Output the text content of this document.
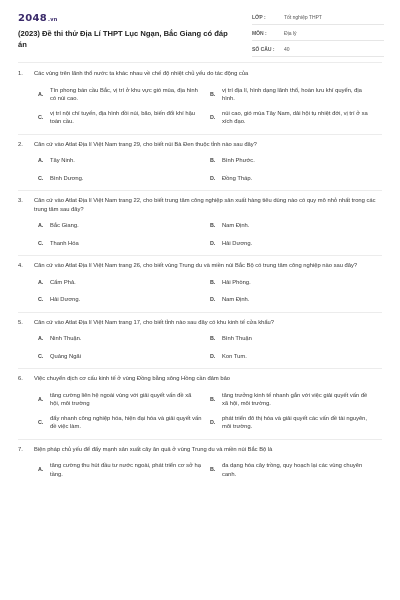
2048.vn
(2023) Đề thi thử Địa Lí THPT Lục Ngạn, Bắc Giang có đáp án
LỚP :	Tốt nghiệp THPT
MÔN :	Địa lý
SỐ CÂU :	40
1.	Các vùng trên lãnh thổ nước ta khác nhau về chế độ nhiệt chủ yếu do tác động của
A.
Tín phong bán cầu Bắc, vị trí ở khu vực gió mùa, địa hình có núi cao.
B.
vị trí địa lí, hình dạng lãnh thổ, hoàn lưu khí quyển, địa hình.
C.
vị trí nội chí tuyến, địa hình đồi núi, bão, biến đổi khí hậu toàn cầu.
D.
núi cao, gió mùa Tây Nam, dải hội tụ nhiệt đới, vị trí ở xa xích đạo.
2.	Căn cứ vào Atlat Địa lí Việt Nam trang 29, cho biết núi Bà Đen thuộc tỉnh nào sau đây?
A.	Tây Ninh.	B.	Bình Phước.
C.	Bình Dương.	D.	Đồng Tháp.
3.	Căn cứ vào Atlat Địa lí Việt Nam trang 22, cho biết trung tâm công nghiệp sản xuất hàng tiêu dùng nào có quy mô nhỏ nhất trong các trung tâm sau đây?
A.	Bắc Giang.	B.	Nam Định.
C.	Thanh Hóa	D.	Hải Dương.
4.	Căn cứ vào Atlat Địa lí Việt Nam trang 26, cho biết vùng Trung du và miền núi Bắc Bộ có trung tâm công nghiệp nào sau đây?
A.	Cẩm Phả.	B.	Hải Phòng.
C.	Hải Dương.	D.	Nam Định.
5.	Căn cứ vào Atlat Địa lí Việt Nam trang 17, cho biết tỉnh nào sau đây có khu kinh tế cửa khẩu?
A.	Ninh Thuận.	B.	Bình Thuận
C.	Quảng Ngãi	D.	Kon Tum.
6.	Việc chuyển dịch cơ cấu kinh tế ở vùng Đồng bằng sông Hồng cần đảm bảo
A.
tăng cường liên hệ ngoài vùng với giải quyết vấn đề xã hội, môi trường
B.
tăng trưởng kinh tế nhanh gắn với việc giải quyết vấn đề xã hội, môi trường.
C.
đẩy nhanh công nghiệp hóa, hiện đại hóa và giải quyết vấn đề việc làm.
D.
phát triển đô thị hóa và giải quyết các vấn đề tài nguyên, môi trường.
7.	Biện pháp chủ yếu để đẩy mạnh sản xuất cây ăn quả ở vùng Trung du và miền núi Bắc Bộ là
A.
tăng cường thu hút đầu tư nước ngoài, phát triển cơ sở hạ tầng.
B.
đa dạng hóa cây trồng, quy hoạch lại các vùng chuyên canh.
